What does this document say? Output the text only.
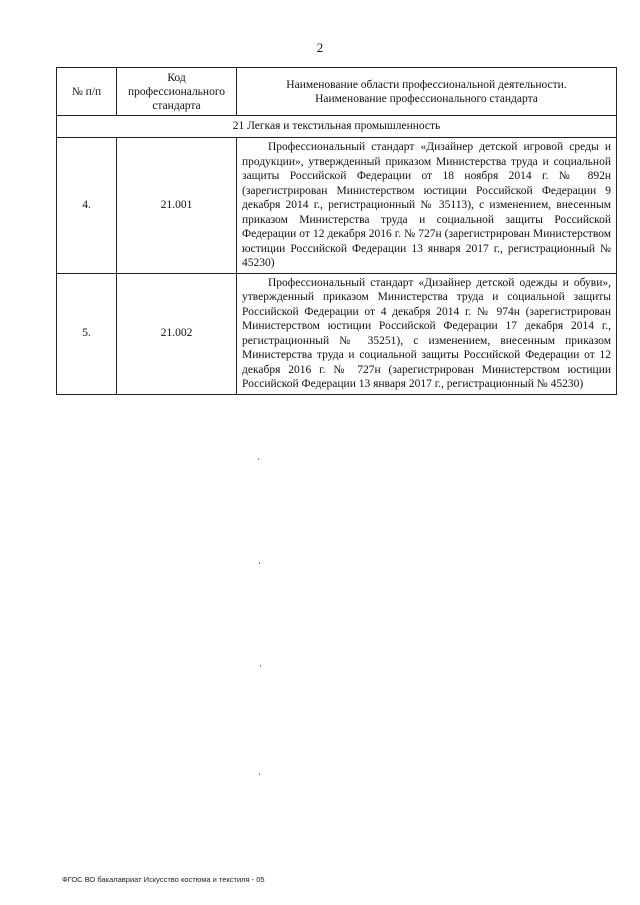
2
№ п/п	Код профессионального стандарта	Наименование области профессиональной деятельности.
Наименование профессионального стандарта

21 Легкая и текстильная промышленность		
4.	21.001	Профессиональный стандарт «Дизайнер детской игровой среды и продукции», утвержденный приказом Министерства труда и социальной защиты Российской Федерации от 18 ноября 2014 г. № 892н (зарегистрирован Министерством юстиции Российской Федерации 9 декабря 2014 г., регистрационный № 35113), с изменением, внесенным приказом Министерства труда и социальной защиты Российской Федерации от 12 декабря 2016 г. № 727н (зарегистрирован Министерством юстиции Российской Федерации 13 января 2017 г., регистрационный № 45230)
5.	21.002	Профессиональный стандарт «Дизайнер детской одежды и обуви», утвержденный приказом Министерства труда и социальной защиты Российской Федерации от 4 декабря 2014 г. № 974н (зарегистрирован Министерством юстиции Российской Федерации 17 декабря 2014 г., регистрационный № 35251), с изменением, внесенным приказом Министерства труда и социальной защиты Российской Федерации от 12 декабря 2016 г. № 727н (зарегистрирован Министерством юстиции Российской Федерации 13 января 2017 г., регистрационный № 45230)
ФГОС ВО бакалавриат Искусство костюма и текстиля - 05
